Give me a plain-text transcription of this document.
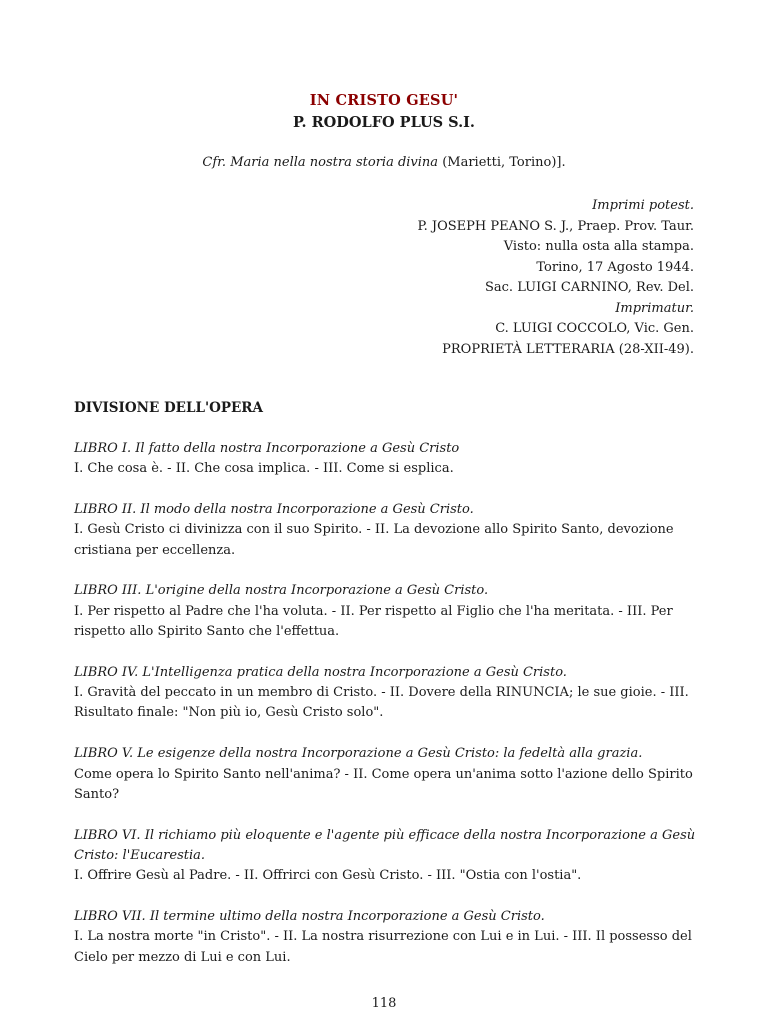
IN CRISTO GESU'
P. RODOLFO PLUS S.I.
Cfr. Maria nella nostra storia divina (Marietti, Torino)].
Imprimi potest.
P. JOSEPH PEANO S. J., Praep. Prov. Taur.
Visto: nulla osta alla stampa.
Torino, 17 Agosto 1944.
Sac. LUIGI CARNINO, Rev. Del.
Imprimatur.
C. LUIGI COCCOLO, Vic. Gen.
PROPRIETÀ LETTERARIA (28-XII-49).
DIVISIONE DELL'OPERA
LIBRO I. Il fatto della nostra Incorporazione a Gesù Cristo
I. Che cosa è. - II. Che cosa implica. - III. Come si esplica.
LIBRO II. Il modo della nostra Incorporazione a Gesù Cristo.
I. Gesù Cristo ci divinizza con il suo Spirito. - II. La devozione allo Spirito Santo, devozione cristiana per eccellenza.
LIBRO III. L'origine della nostra Incorporazione a Gesù Cristo.
I. Per rispetto al Padre che l'ha voluta. - II. Per rispetto al Figlio che l'ha meritata. - III. Per rispetto allo Spirito Santo che l'effettua.
LIBRO IV. L'Intelligenza pratica della nostra Incorporazione a Gesù Cristo.
I. Gravità del peccato in un membro di Cristo. - II. Dovere della RINUNCIA; le sue gioie. - III. Risultato finale: "Non più io, Gesù Cristo solo".
LIBRO V. Le esigenze della nostra Incorporazione a Gesù Cristo: la fedeltà alla grazia.
Come opera lo Spirito Santo nell'anima? - II. Come opera un'anima sotto l'azione dello Spirito Santo?
LIBRO VI. Il richiamo più eloquente e l'agente più efficace della nostra Incorporazione a Gesù Cristo: l'Eucarestia.
I. Offrire Gesù al Padre. - II. Offrirci con Gesù Cristo. - III. "Ostia con l'ostia".
LIBRO VII. Il termine ultimo della nostra Incorporazione a Gesù Cristo.
I. La nostra morte "in Cristo". - II. La nostra risurrezione con Lui e in Lui. - III. Il possesso del Cielo per mezzo di Lui e con Lui.
118
